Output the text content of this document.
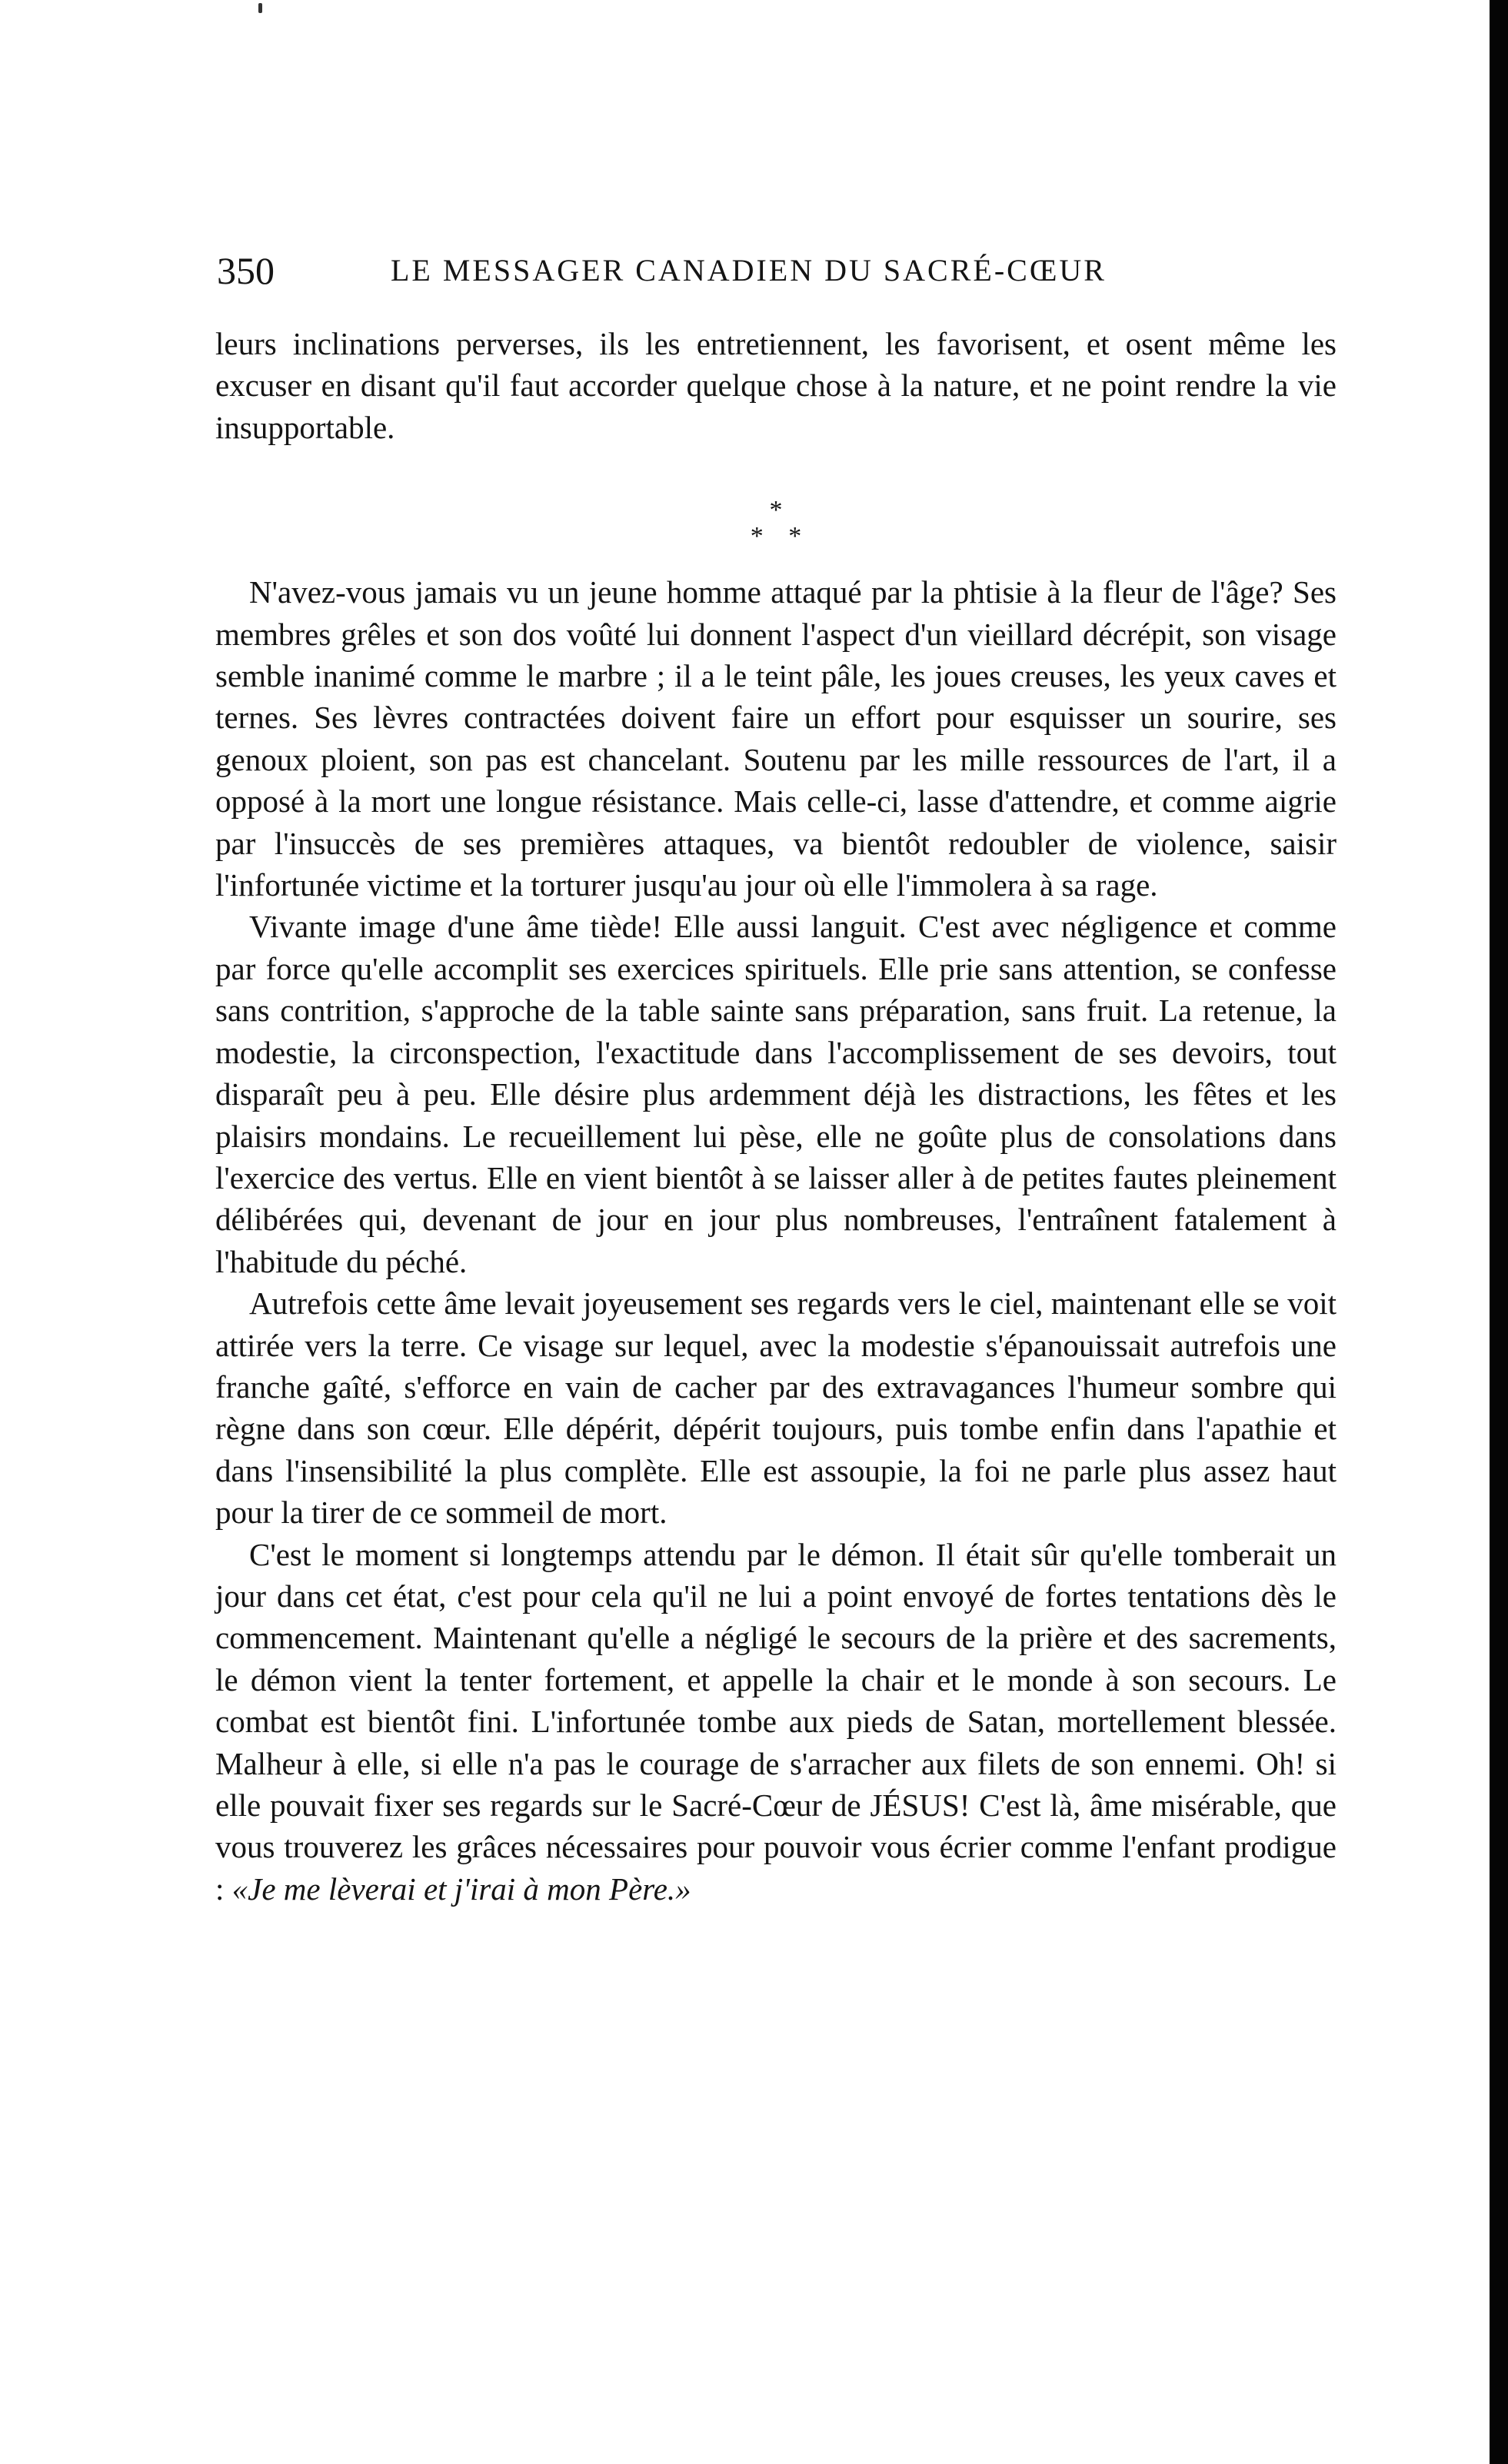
350	LE MESSAGER CANADIEN DU SACRÉ-CŒUR

leurs inclinations perverses, ils les entretiennent, les favorisent, et osent même les excuser en disant qu'il faut accorder quelque chose à la nature, et ne point rendre la vie insupportable.

*
* *

N'avez-vous jamais vu un jeune homme attaqué par la phtisie à la fleur de l'âge? Ses membres grêles et son dos voûté lui donnent l'aspect d'un vieillard décrépit, son visage semble inanimé comme le marbre ; il a le teint pâle, les joues creuses, les yeux caves et ternes. Ses lèvres contractées doivent faire un effort pour esquisser un sourire, ses genoux ploient, son pas est chancelant. Soutenu par les mille ressources de l'art, il a opposé à la mort une longue résistance. Mais celle-ci, lasse d'attendre, et comme aigrie par l'insuccès de ses premières attaques, va bientôt redoubler de violence, saisir l'infortunée victime et la torturer jusqu'au jour où elle l'immolera à sa rage.

Vivante image d'une âme tiède! Elle aussi languit. C'est avec négligence et comme par force qu'elle accomplit ses exercices spirituels. Elle prie sans attention, se confesse sans contrition, s'approche de la table sainte sans préparation, sans fruit. La retenue, la modestie, la circonspection, l'exactitude dans l'accomplissement de ses devoirs, tout disparaît peu à peu. Elle désire plus ardemment déjà les distractions, les fêtes et les plaisirs mondains. Le recueillement lui pèse, elle ne goûte plus de consolations dans l'exercice des vertus. Elle en vient bientôt à se laisser aller à de petites fautes pleinement délibérées qui, devenant de jour en jour plus nombreuses, l'entraînent fatalement à l'habitude du péché.

Autrefois cette âme levait joyeusement ses regards vers le ciel, maintenant elle se voit attirée vers la terre. Ce visage sur lequel, avec la modestie s'épanouissait autrefois une franche gaîté, s'efforce en vain de cacher par des extravagances l'humeur sombre qui règne dans son cœur. Elle dépérit, dépérit toujours, puis tombe enfin dans l'apathie et dans l'insensibilité la plus complète. Elle est assoupie, la foi ne parle plus assez haut pour la tirer de ce sommeil de mort.

C'est le moment si longtemps attendu par le démon. Il était sûr qu'elle tomberait un jour dans cet état, c'est pour cela qu'il ne lui a point envoyé de fortes tentations dès le commencement. Maintenant qu'elle a négligé le secours de la prière et des sacrements, le démon vient la tenter fortement, et appelle la chair et le monde à son secours. Le combat est bientôt fini. L'infortunée tombe aux pieds de Satan, mortellement blessée. Malheur à elle, si elle n'a pas le courage de s'arracher aux filets de son ennemi. Oh! si elle pouvait fixer ses regards sur le Sacré-Cœur de JÉSUS! C'est là, âme misérable, que vous trouverez les grâces nécessaires pour pouvoir vous écrier comme l'enfant prodigue : «Je me lèverai et j'irai à mon Père.»
